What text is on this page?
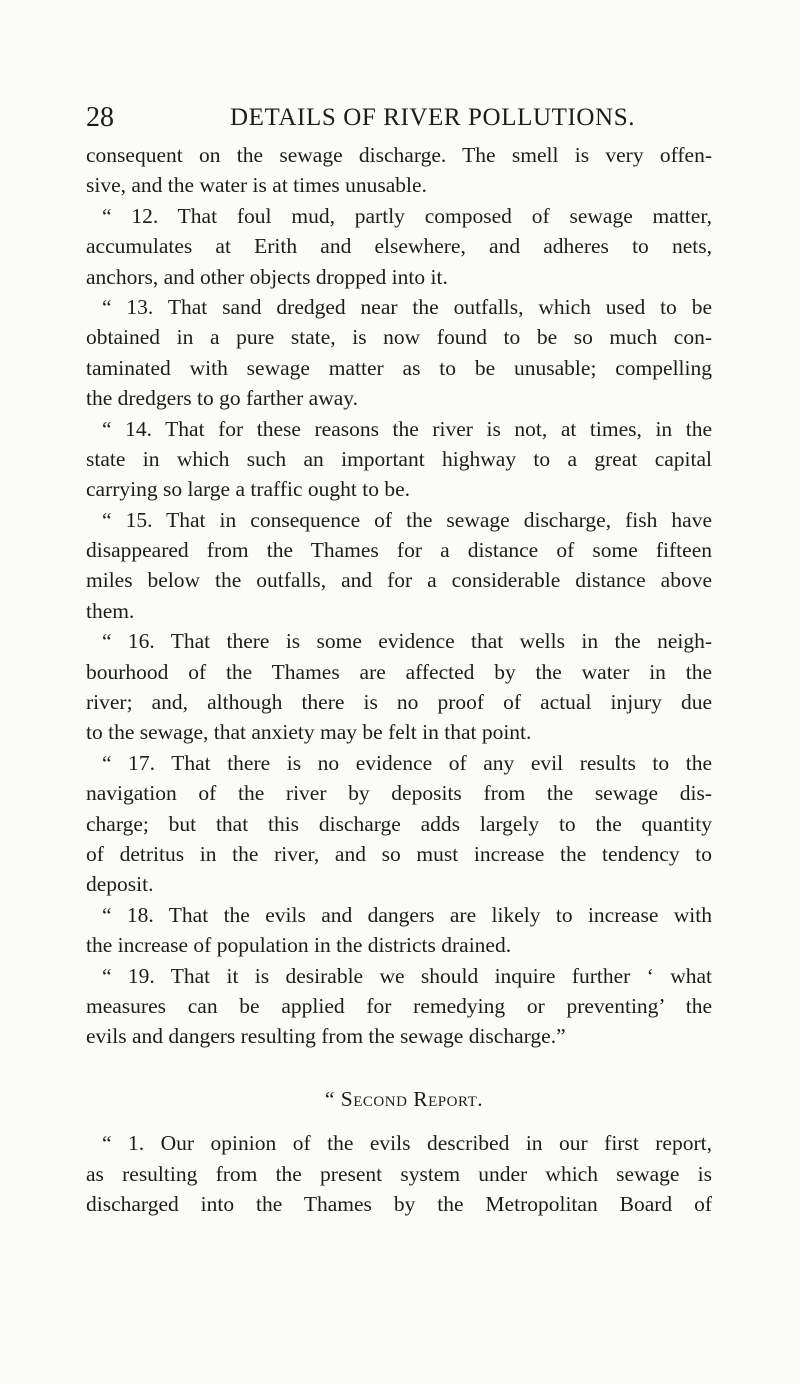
28	DETAILS OF RIVER POLLUTIONS.
consequent on the sewage discharge. The smell is very offen-
sive, and the water is at times unusable.
“ 12. That foul mud, partly composed of sewage matter,
accumulates at Erith and elsewhere, and adheres to nets,
anchors, and other objects dropped into it.
“ 13. That sand dredged near the outfalls, which used to be
obtained in a pure state, is now found to be so much con-
taminated with sewage matter as to be unusable; compelling
the dredgers to go farther away.
“ 14. That for these reasons the river is not, at times, in the
state in which such an important highway to a great capital
carrying so large a traffic ought to be.
“ 15. That in consequence of the sewage discharge, fish have
disappeared from the Thames for a distance of some fifteen
miles below the outfalls, and for a considerable distance above
them.
“ 16. That there is some evidence that wells in the neigh-
bourhood of the Thames are affected by the water in the
river; and, although there is no proof of actual injury due
to the sewage, that anxiety may be felt in that point.
“ 17. That there is no evidence of any evil results to the
navigation of the river by deposits from the sewage dis-
charge; but that this discharge adds largely to the quantity
of detritus in the river, and so must increase the tendency to
deposit.
“ 18. That the evils and dangers are likely to increase with
the increase of population in the districts drained.
“ 19. That it is desirable we should inquire further ‘ what
measures can be applied for remedying or preventing’ the
evils and dangers resulting from the sewage discharge.”
“ Second Report.
“ 1. Our opinion of the evils described in our first report,
as resulting from the present system under which sewage is
discharged into the Thames by the Metropolitan Board of
